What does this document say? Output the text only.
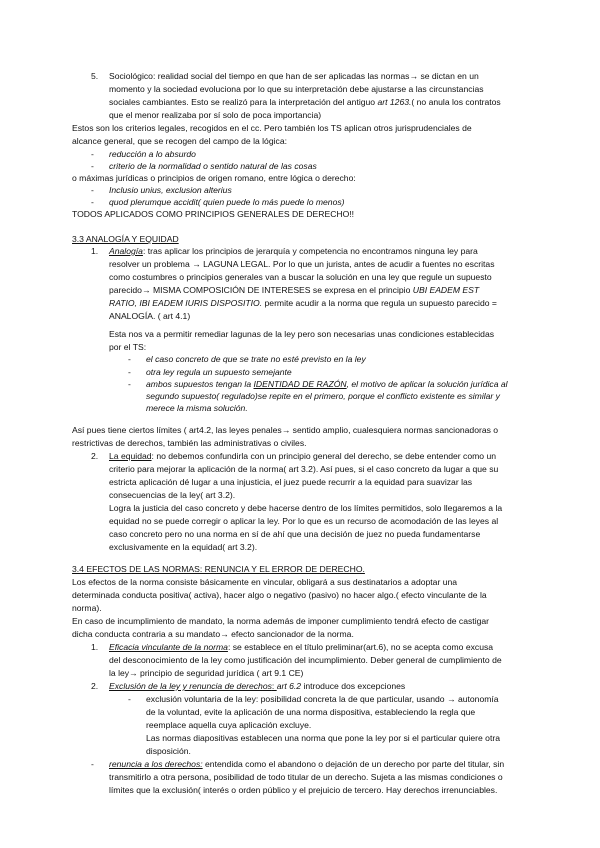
5. Sociológico: realidad social del tiempo en que han de ser aplicadas las normas→ se dictan en un
momento y la sociedad evoluciona por lo que su interpretación debe ajustarse a las circunstancias
sociales cambiantes. Esto se realizó para la interpretación del antiguo art 1263.( no anula los contratos
que el menor realizaba por sí solo de poca importancia)
Estos son los criterios legales, recogidos en el cc. Pero también los TS aplican otros jurisprudenciales de
alcance general, que se recogen del campo de la lógica:
- reducción a lo absurdo
- criterio de la normalidad o sentido natural de las cosas
o máximas jurídicas o principios de origen romano, entre lógica o derecho:
- Inclusio unius, exclusion alterius
- quod plerumque accidit( quien puede lo más puede lo menos)
TODOS APLICADOS COMO PRINCIPIOS GENERALES DE DERECHO!!
3.3 ANALOGÍA Y EQUIDAD
1. Analogía: tras aplicar los principios de jerarquía y competencia no encontramos ninguna ley para
resolver un problema → LAGUNA LEGAL. Por lo que un jurista, antes de acudir a fuentes no escritas
como costumbres o principios generales van a buscar la solución en una ley que regule un supuesto
parecido→ MISMA COMPOSICIÓN DE INTERESES se expresa en el principio UBI EADEM EST
RATIO, IBI EADEM IURIS DISPOSITIO. permite acudir a la norma que regula un supuesto parecido =
ANALOGÍA. ( art 4.1)
Esta nos va a permitir remediar lagunas de la ley pero son necesarias unas condiciones establecidas
por el TS:
- el caso concreto de que se trate no esté previsto en la ley
- otra ley regula un supuesto semejante
- ambos supuestos tengan la IDENTIDAD DE RAZÓN, el motivo de aplicar la solución jurídica al
segundo supuesto( regulado)se repite en el primero, porque el conflicto existente es similar y
merece la misma solución.
Así pues tiene ciertos límites ( art4.2, las leyes penales→ sentido amplio, cualesquiera normas sancionadoras o
restrictivas de derechos, también las administrativas o civiles.
2. La equidad: no debemos confundirla con un principio general del derecho, se debe entender como un
criterio para mejorar la aplicación de la norma( art 3.2). Así pues, si el caso concreto da lugar a que su
estricta aplicación dé lugar a una injusticia, el juez puede recurrir a la equidad para suavizar las
consecuencias de la ley( art 3.2).
Logra la justicia del caso concreto y debe hacerse dentro de los límites permitidos, solo llegaremos a la
equidad no se puede corregir o aplicar la ley. Por lo que es un recurso de acomodación de las leyes al
caso concreto pero no una norma en sí de ahí que una decisión de juez no pueda fundamentarse
exclusivamente en la equidad( art 3.2).
3.4 EFECTOS DE LAS NORMAS: RENUNCIA Y EL ERROR DE DERECHO.
Los efectos de la norma consiste básicamente en vincular, obligará a sus destinatarios a adoptar una
determinada conducta positiva( activa), hacer algo o negativo (pasivo) no hacer algo.( efecto vinculante de la
norma).
En caso de incumplimiento de mandato, la norma además de imponer cumplimiento tendrá efecto de castigar
dicha conducta contraria a su mandato→ efecto sancionador de la norma.
1. Eficacia vinculante de la norma: se establece en el título preliminar(art.6), no se acepta como excusa
del desconocimiento de la ley como justificación del incumplimiento. Deber general de cumplimiento de
la ley→ principio de seguridad jurídica ( art 9.1 CE)
2. Exclusión de la ley y renuncia de derechos: art 6.2 introduce dos excepciones
- exclusión voluntaria de la ley: posibilidad concreta la de que particular, usando → autonomía
de la voluntad, evite la aplicación de una norma dispositiva, estableciendo la regla que
reemplace aquella cuya aplicación excluye.
Las normas diapositivas establecen una norma que pone la ley por si el particular quiere otra
disposición.
- renuncia a los derechos: entendida como el abandono o dejación de un derecho por parte del titular, sin
transmitirlo a otra persona, posibilidad de todo titular de un derecho. Sujeta a las mismas condiciones o
límites que la exclusión( interés o orden público y el prejuicio de tercero. Hay derechos irrenunciables.
